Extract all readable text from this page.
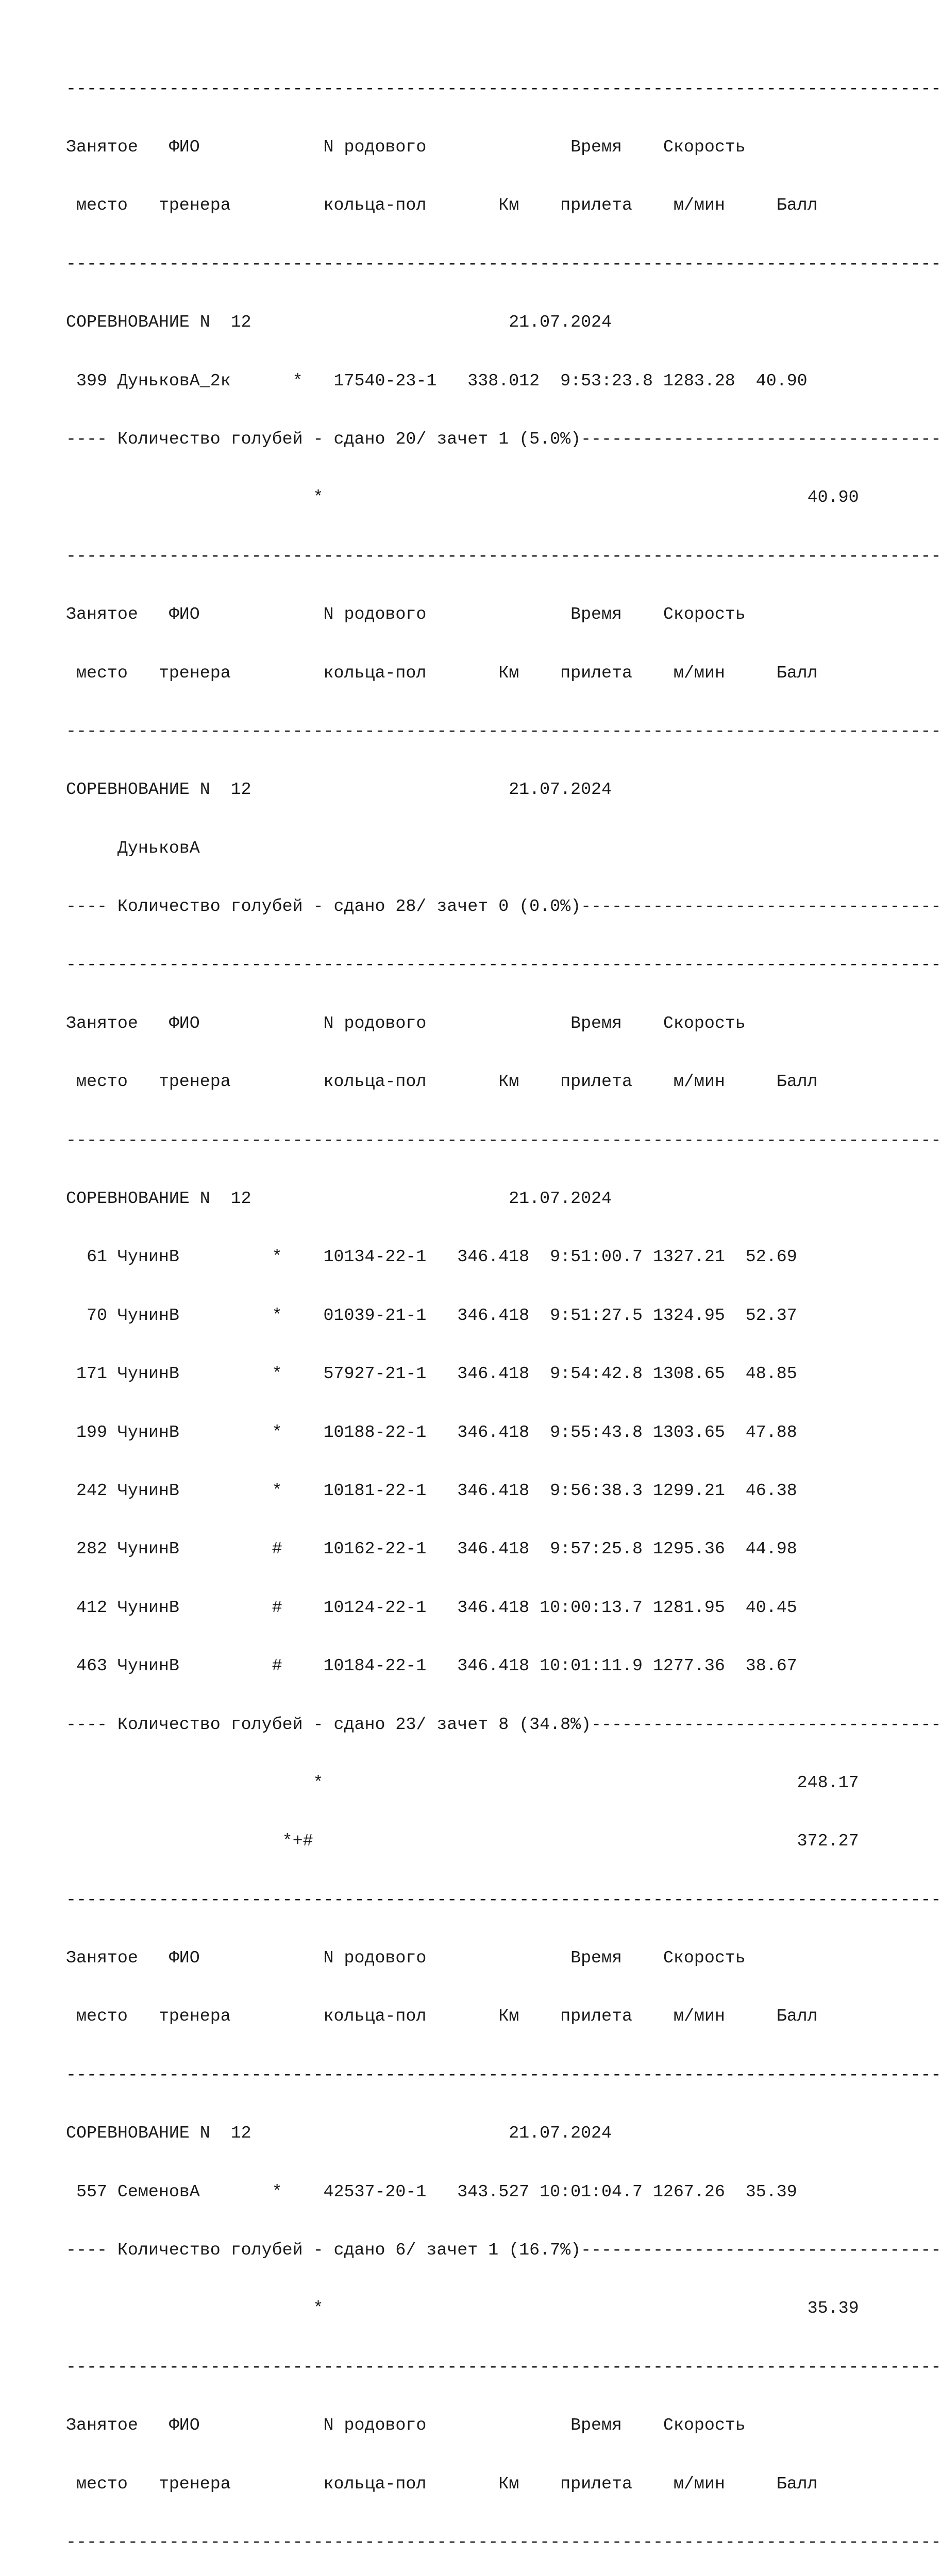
-------------------------------------------------------------------------------------

Занятое   ФИО            N родового              Время    Скорость

место   тренера         кольца-пол       Км    прилета    м/мин     Балл

-------------------------------------------------------------------------------------

СОРЕВНОВАНИЕ N  12                         21.07.2024

399 ДуньковА_2к      *   17540-23-1   338.012  9:53:23.8 1283.28  40.90

---- Количество голубей - сдано 20/ зачет 1 (5.0%)-----------------------------------

*                                               40.90

-------------------------------------------------------------------------------------

Занятое   ФИО            N родового              Время    Скорость

место   тренера         кольца-пол       Км    прилета    м/мин     Балл

-------------------------------------------------------------------------------------

СОРЕВНОВАНИЕ N  12                         21.07.2024

ДуньковА

---- Количество голубей - сдано 28/ зачет 0 (0.0%)-----------------------------------

-------------------------------------------------------------------------------------

Занятое   ФИО            N родового              Время    Скорость

место   тренера         кольца-пол       Км    прилета    м/мин     Балл

-------------------------------------------------------------------------------------

СОРЕВНОВАНИЕ N  12                         21.07.2024

61 ЧунинВ         *    10134-22-1   346.418  9:51:00.7 1327.21  52.69

70 ЧунинВ         *    01039-21-1   346.418  9:51:27.5 1324.95  52.37

171 ЧунинВ         *    57927-21-1   346.418  9:54:42.8 1308.65  48.85

199 ЧунинВ         *    10188-22-1   346.418  9:55:43.8 1303.65  47.88

242 ЧунинВ         *    10181-22-1   346.418  9:56:38.3 1299.21  46.38

282 ЧунинВ         #    10162-22-1   346.418  9:57:25.8 1295.36  44.98

412 ЧунинВ         #    10124-22-1   346.418 10:00:13.7 1281.95  40.45

463 ЧунинВ         #    10184-22-1   346.418 10:01:11.9 1277.36  38.67

---- Количество голубей - сдано 23/ зачет 8 (34.8%)----------------------------------

*                                              248.17

*+#                                               372.27

-------------------------------------------------------------------------------------

Занятое   ФИО            N родового              Время    Скорость

место   тренера         кольца-пол       Км    прилета    м/мин     Балл

-------------------------------------------------------------------------------------

СОРЕВНОВАНИЕ N  12                         21.07.2024

557 СеменовА       *    42537-20-1   343.527 10:01:04.7 1267.26  35.39

---- Количество голубей - сдано 6/ зачет 1 (16.7%)-----------------------------------

*                                               35.39

-------------------------------------------------------------------------------------

Занятое   ФИО            N родового              Время    Скорость

место   тренера         кольца-пол       Км    прилета    м/мин     Балл

-------------------------------------------------------------------------------------
